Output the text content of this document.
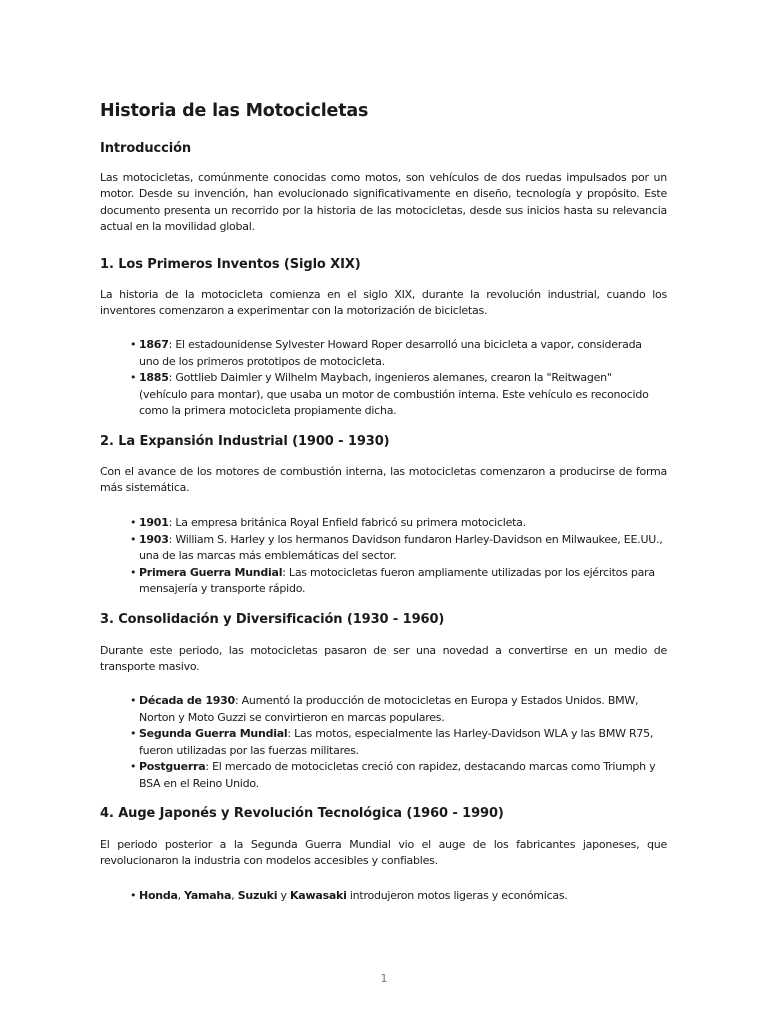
Historia de las Motocicletas
Introducción

Las motocicletas, comúnmente conocidas como motos, son vehículos de dos ruedas impulsados por un motor. Desde su invención, han evolucionado significativamente en diseño, tecnología y propósito. Este documento presenta un recorrido por la historia de las motocicletas, desde sus inicios hasta su relevancia actual en la movilidad global.

1. Los Primeros Inventos (Siglo XIX)

La historia de la motocicleta comienza en el siglo XIX, durante la revolución industrial, cuando los inventores comenzaron a experimentar con la motorización de bicicletas.

• 1867: El estadounidense Sylvester Howard Roper desarrolló una bicicleta a vapor, considerada uno de los primeros prototipos de motocicleta.
• 1885: Gottlieb Daimler y Wilhelm Maybach, ingenieros alemanes, crearon la "Reitwagen" (vehículo para montar), que usaba un motor de combustión interna. Este vehículo es reconocido como la primera motocicleta propiamente dicha.
2. La Expansión Industrial (1900 - 1930)

Con el avance de los motores de combustión interna, las motocicletas comenzaron a producirse de forma más sistemática.

• 1901: La empresa británica Royal Enfield fabricó su primera motocicleta.
• 1903: William S. Harley y los hermanos Davidson fundaron Harley-Davidson en Milwaukee, EE.UU., una de las marcas más emblemáticas del sector.
• Primera Guerra Mundial: Las motocicletas fueron ampliamente utilizadas por los ejércitos para mensajería y transporte rápido.
3. Consolidación y Diversificación (1930 - 1960)

Durante este periodo, las motocicletas pasaron de ser una novedad a convertirse en un medio de transporte masivo.

• Década de 1930: Aumentó la producción de motocicletas en Europa y Estados Unidos. BMW, Norton y Moto Guzzi se convirtieron en marcas populares.
• Segunda Guerra Mundial: Las motos, especialmente las Harley-Davidson WLA y las BMW R75, fueron utilizadas por las fuerzas militares.
• Postguerra: El mercado de motocicletas creció con rapidez, destacando marcas como Triumph y BSA en el Reino Unido.
4. Auge Japonés y Revolución Tecnológica (1960 - 1990)

El periodo posterior a la Segunda Guerra Mundial vio el auge de los fabricantes japoneses, que revolucionaron la industria con modelos accesibles y confiables.

• Honda, Yamaha, Suzuki y Kawasaki introdujeron motos ligeras y económicas.
1
